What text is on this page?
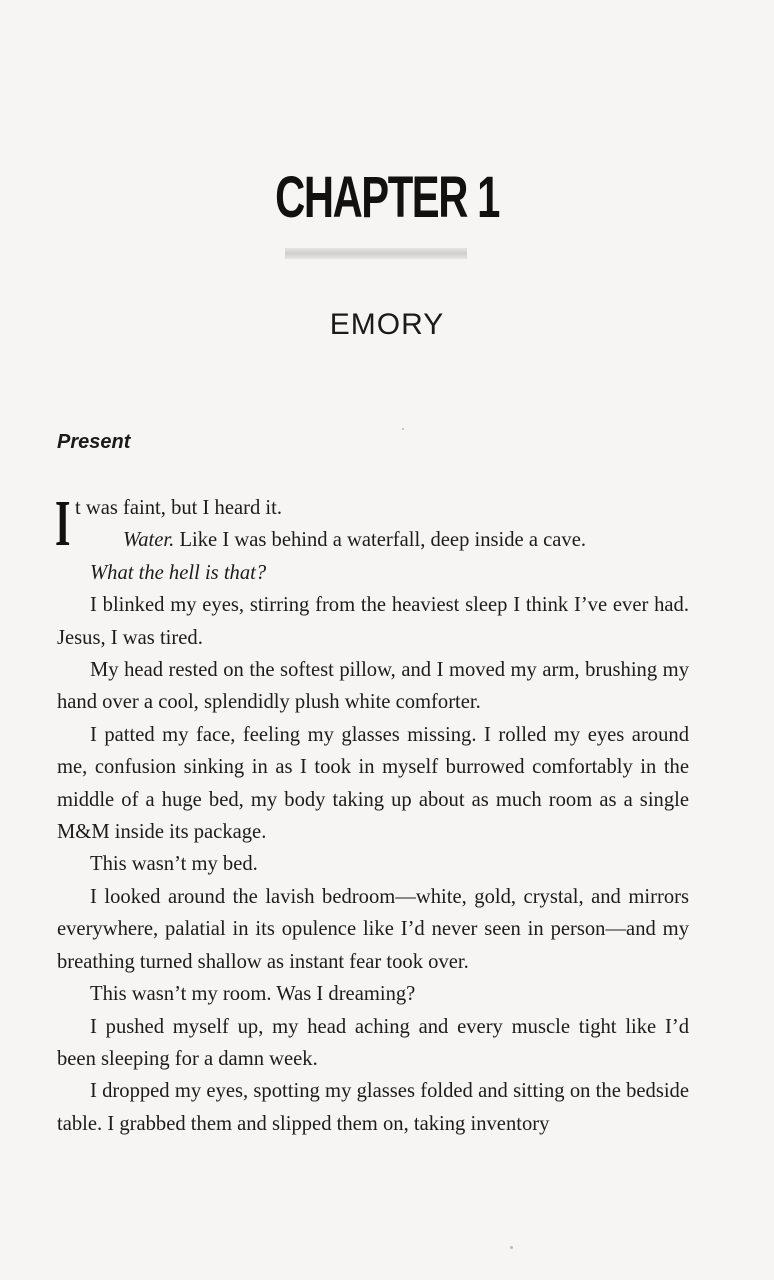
CHAPTER 1
EMORY
Present

It was faint, but I heard it.

Water. Like I was behind a waterfall, deep inside a cave.

What the hell is that?

I blinked my eyes, stirring from the heaviest sleep I think I’ve ever had. Jesus, I was tired.

My head rested on the softest pillow, and I moved my arm, brushing my hand over a cool, splendidly plush white comforter.

I patted my face, feeling my glasses missing. I rolled my eyes around me, confusion sinking in as I took in myself burrowed comfortably in the middle of a huge bed, my body taking up about as much room as a single M&M inside its package.

This wasn’t my bed.

I looked around the lavish bedroom—white, gold, crystal, and mirrors everywhere, palatial in its opulence like I’d never seen in person—and my breathing turned shallow as instant fear took over.

This wasn’t my room. Was I dreaming?

I pushed myself up, my head aching and every muscle tight like I’d been sleeping for a damn week.

I dropped my eyes, spotting my glasses folded and sitting on the bedside table. I grabbed them and slipped them on, taking inventory
